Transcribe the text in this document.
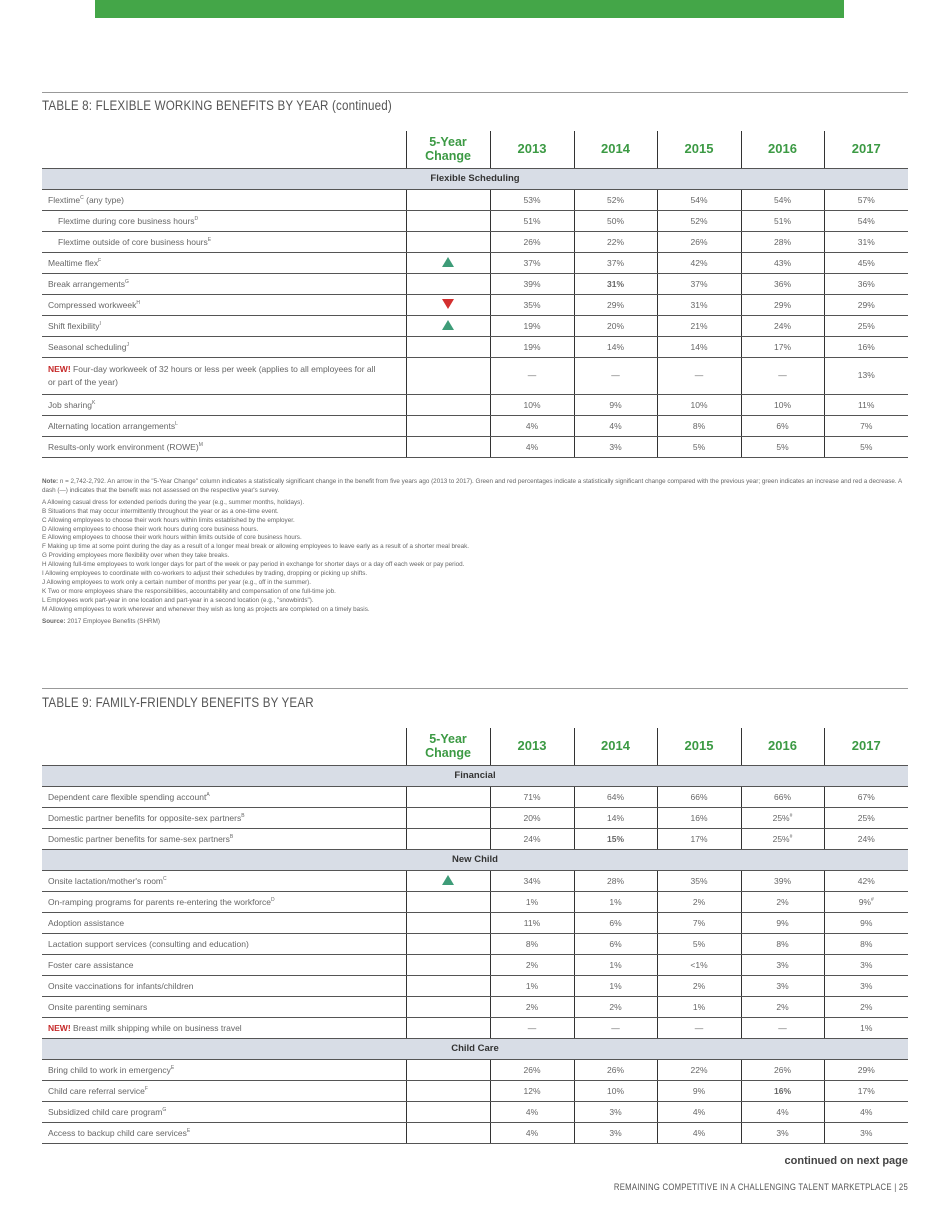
TABLE 8: FLEXIBLE WORKING BENEFITS BY YEAR (continued)
	5-Year
Change	2013	2014	2015	2016	2017
Flexible Scheduling						
Flextime$^C$ (any type)		53%	52%	54%	54%	57%
Flextime during core business hours$^D$		51%	50%	52%	51%	54%
Flextime outside of core business hours$^E$		26%	22%	26%	28%	31%
Mealtime flex$^F$		37%	37%	42%	43%	45%
Break arrangements$^G$		39%	31%	37%	36%	36%
Compressed workweek$^H$		35%	29%	31%	29%	29%
Shift flexibility$^I$		19%	20%	21%	24%	25%
Seasonal scheduling$^J$		19%	14%	14%	17%	16%
NEW! Four-day workweek of 32 hours or less per week (applies to all employees for all
or part of the year)		—	—	—	—	13%
Job sharing$^K$		10%	9%	10%	10%	11%
Alternating location arrangements$^L$		4%	4%	8%	6%	7%
Results-only work environment (ROWE)$^M$		4%	3%	5%	5%	5%

Note: n = 2,742-2,792. An arrow in the "5-Year Change" column indicates a statistically significant change in the benefit from five years ago (2013 to 2017). Green and red percentages indicate a statistically significant change compared with the previous year; green indicates an increase and red a decrease. A dash (—) indicates that the benefit was not assessed on the respective year's survey.

A Allowing casual dress for extended periods during the year (e.g., summer months, holidays).

B Situations that may occur intermittently throughout the year or as a one-time event.

C Allowing employees to choose their work hours within limits established by the employer.

D Allowing employees to choose their work hours during core business hours.

E Allowing employees to choose their work hours within limits outside of core business hours.

F Making up time at some point during the day as a result of a longer meal break or allowing employees to leave early as a result of a shorter meal break.

G Providing employees more flexibility over when they take breaks.

H Allowing full-time employees to work longer days for part of the week or pay period in exchange for shorter days or a day off each week or pay period.

I Allowing employees to coordinate with co-workers to adjust their schedules by trading, dropping or picking up shifts.

J Allowing employees to work only a certain number of months per year (e.g., off in the summer).

K Two or more employees share the responsibilities, accountability and compensation of one full-time job.

L Employees work part-year in one location and part-year in a second location (e.g., "snowbirds").

M Allowing employees to work wherever and whenever they wish as long as projects are completed on a timely basis.

Source: 2017 Employee Benefits (SHRM)

TABLE 9: FAMILY-FRIENDLY BENEFITS BY YEAR
	5-Year
Change	2013	2014	2015	2016	2017
Financial						
Dependent care flexible spending account$^A$		71%	64%	66%	66%	67%
Domestic partner benefits for opposite-sex partners$^B$		20%	14%	16%	25%#	25%
Domestic partner benefits for same-sex partners$^B$		24%	15%	17%	25%#	24%
New Child						
Onsite lactation/mother's room$^C$		34%	28%	35%	39%	42%
On-ramping programs for parents re-entering the workforce$^D$		1%	1%	2%	2%	9%#
Adoption assistance		11%	6%	7%	9%	9%
Lactation support services (consulting and education)		8%	6%	5%	8%	8%
Foster care assistance		2%	1%	<1%	3%	3%
Onsite vaccinations for infants/children		1%	1%	2%	3%	3%
Onsite parenting seminars		2%	2%	1%	2%	2%
NEW! Breast milk shipping while on business travel		—	—	—	—	1%
Child Care						
Bring child to work in emergency$^E$		26%	26%	22%	26%	29%
Child care referral service$^F$		12%	10%	9%	16%	17%
Subsidized child care program$^G$		4%	3%	4%	4%	4%
Access to backup child care services$^E$		4%	3%	4%	3%	3%
continued on next page
REMAINING COMPETITIVE IN A CHALLENGING TALENT MARKETPLACE | 25
